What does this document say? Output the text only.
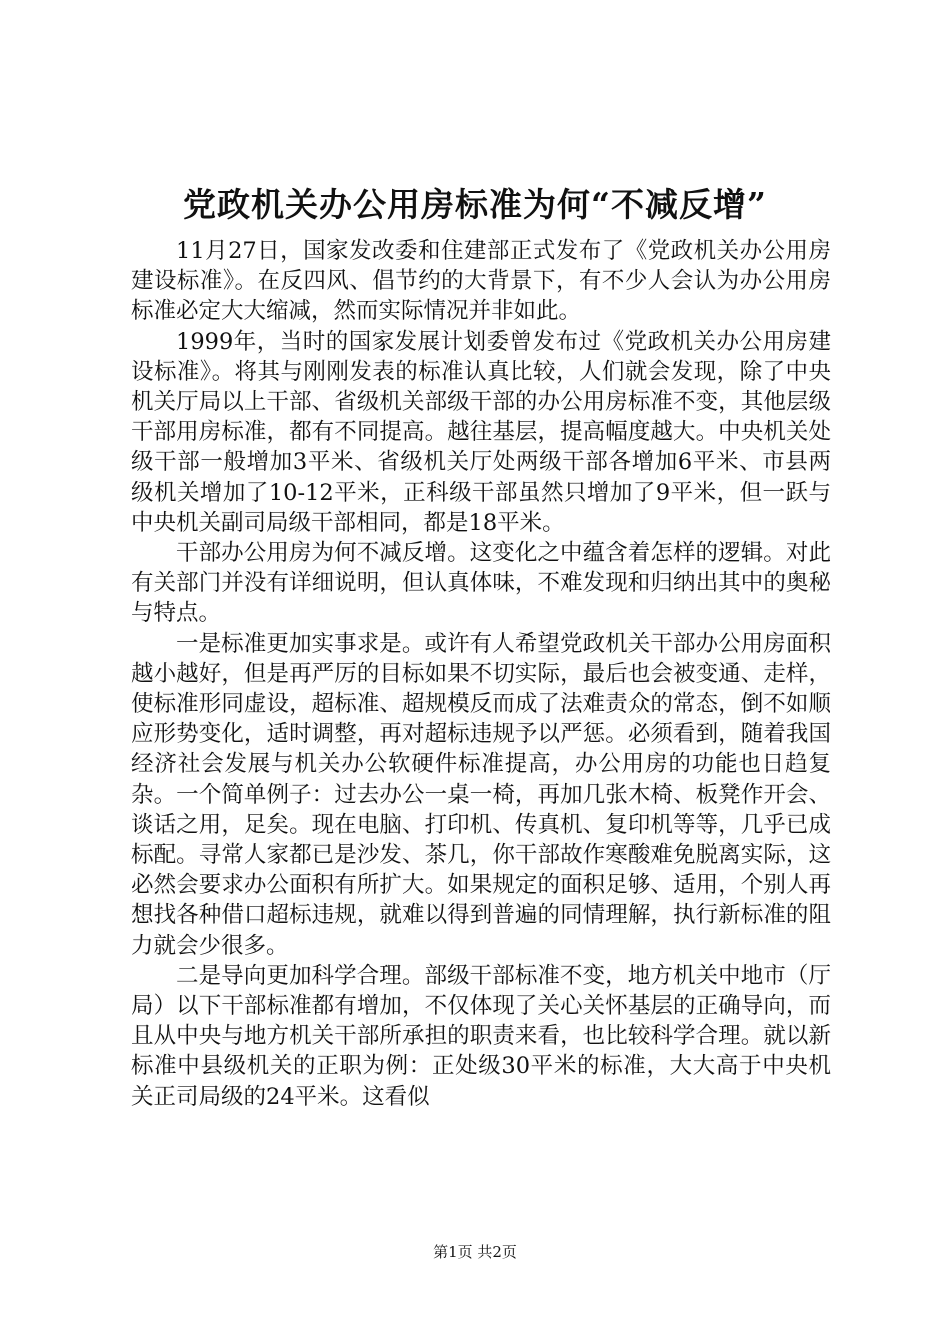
党政机关办公用房标准为何“不减反增”

11月27日，国家发改委和住建部正式发布了《党政机关办公用房建设标准》。在反四风、倡节约的大背景下，有不少人会认为办公用房标准必定大大缩减，然而实际情况并非如此。

1999年，当时的国家发展计划委曾发布过《党政机关办公用房建设标准》。将其与刚刚发表的标准认真比较，人们就会发现，除了中央机关厅局以上干部、省级机关部级干部的办公用房标准不变，其他层级干部用房标准，都有不同提高。越往基层，提高幅度越大。中央机关处级干部一般增加3平米、省级机关厅处两级干部各增加6平米、市县两级机关增加了10-12平米，正科级干部虽然只增加了9平米，但一跃与中央机关副司局级干部相同，都是18平米。

干部办公用房为何不减反增。这变化之中蕴含着怎样的逻辑。对此有关部门并没有详细说明，但认真体味，不难发现和归纳出其中的奥秘与特点。

一是标准更加实事求是。或许有人希望党政机关干部办公用房面积越小越好，但是再严厉的目标如果不切实际，最后也会被变通、走样，使标准形同虚设，超标准、超规模反而成了法难责众的常态，倒不如顺应形势变化，适时调整，再对超标违规予以严惩。必须看到，随着我国经济社会发展与机关办公软硬件标准提高，办公用房的功能也日趋复杂。一个简单例子：过去办公一桌一椅，再加几张木椅、板凳作开会、谈话之用，足矣。现在电脑、打印机、传真机、复印机等等，几乎已成标配。寻常人家都已是沙发、茶几，你干部故作寒酸难免脱离实际，这必然会要求办公面积有所扩大。如果规定的面积足够、适用，个别人再想找各种借口超标违规，就难以得到普遍的同情理解，执行新标准的阻力就会少很多。

二是导向更加科学合理。部级干部标准不变，地方机关中地市（厅局）以下干部标准都有增加，不仅体现了关心关怀基层的正确导向，而且从中央与地方机关干部所承担的职责来看，也比较科学合理。就以新标准中县级机关的正职为例：正处级30平米的标准，大大高于中央机关正司局级的24平米。这看似

第1页 共2页
